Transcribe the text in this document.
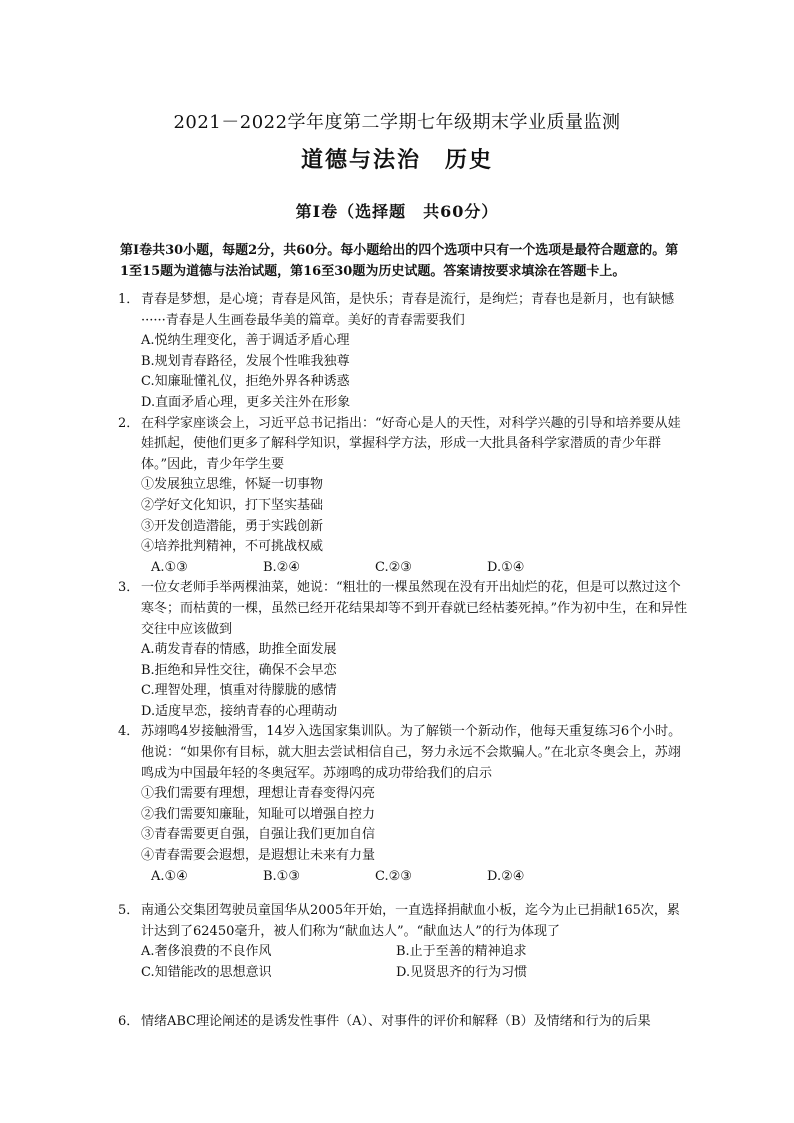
2021－2022学年度第二学期七年级期末学业质量监测
道德与法治　历史
第Ⅰ卷（选择题　共60分）
第Ⅰ卷共30小题，每题2分，共60分。每小题给出的四个选项中只有一个选项是最符合题意的。第1至15题为道德与法治试题，第16至30题为历史试题。答案请按要求填涂在答题卡上。
1． 青春是梦想，是心境；青春是风笛，是快乐；青春是流行，是绚烂；青春也是新月，也有缺憾······青春是人生画卷最华美的篇章。美好的青春需要我们
A.悦纳生理变化，善于调适矛盾心理
B.规划青春路径，发展个性唯我独尊
C.知廉耻懂礼仪，拒绝外界各种诱惑
D.直面矛盾心理，更多关注外在形象
2． 在科学家座谈会上，习近平总书记指出：“好奇心是人的天性，对科学兴趣的引导和培养要从娃娃抓起，使他们更多了解科学知识，掌握科学方法，形成一大批具备科学家潜质的青少年群体。”因此，青少年学生要
①发展独立思维，怀疑一切事物
②学好文化知识，打下坚实基础
③开发创造潜能，勇于实践创新
④培养批判精神，不可挑战权威
A.①③	B.②④	C.②③	D.①④
3． 一位女老师手举两棵油菜，她说：“粗壮的一棵虽然现在没有开出灿烂的花，但是可以熬过这个寒冬；而枯黄的一棵，虽然已经开花结果却等不到开春就已经枯萎死掉。”作为初中生，在和异性交往中应该做到
A.萌发青春的情感，助推全面发展
B.拒绝和异性交往，确保不会早恋
C.理智处理，慎重对待朦胧的感情
D.适度早恋，接纳青春的心理萌动
4． 苏翊鸣4岁接触滑雪，14岁入选国家集训队。为了解锁一个新动作，他每天重复练习6个小时。他说：“如果你有目标，就大胆去尝试相信自己，努力永远不会欺骗人。”在北京冬奥会上，苏翊鸣成为中国最年轻的冬奥冠军。苏翊鸣的成功带给我们的启示
①我们需要有理想，理想让青春变得闪亮
②我们需要知廉耻，知耻可以增强自控力
③青春需要更自强，自强让我们更加自信
④青春需要会遐想，是遐想让未来有力量
A.①④	B.①③	C.②③	D.②④
5． 南通公交集团驾驶员童国华从2005年开始，一直选择捐献血小板，迄今为止已捐献165次，累计达到了62450毫升，被人们称为“献血达人”。“献血达人”的行为体现了
A.奢侈浪费的不良作风	B.止于至善的精神追求
C.知错能改的思想意识	D.见贤思齐的行为习惯
6． 情绪ABC理论阐述的是诱发性事件（A）、对事件的评价和解释（B）及情绪和行为的后果
